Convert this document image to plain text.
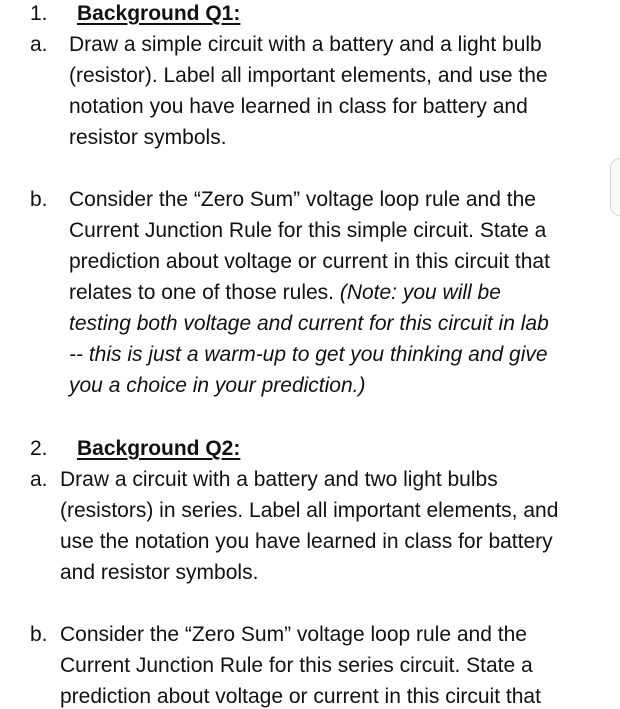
1. Background Q1:
a. Draw a simple circuit with a battery and a light bulb
(resistor). Label all important elements, and use the
notation you have learned in class for battery and
resistor symbols.
b. Consider the “Zero Sum” voltage loop rule and the
Current Junction Rule for this simple circuit. State a
prediction about voltage or current in this circuit that
relates to one of those rules. (Note: you will be
testing both voltage and current for this circuit in lab
-- this is just a warm-up to get you thinking and give
you a choice in your prediction.)
2. Background Q2:
a. Draw a circuit with a battery and two light bulbs
(resistors) in series. Label all important elements, and
use the notation you have learned in class for battery
and resistor symbols.
b. Consider the “Zero Sum” voltage loop rule and the
Current Junction Rule for this series circuit. State a
prediction about voltage or current in this circuit that
